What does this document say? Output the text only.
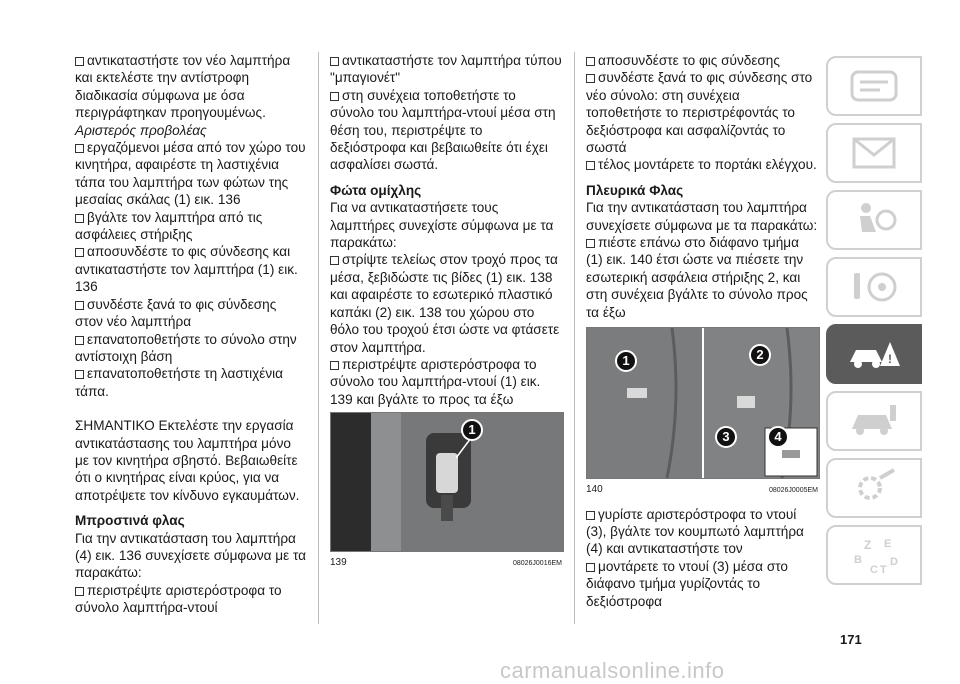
αντικαταστήστε τον νέο λαμπτήρα και εκτελέστε την αντίστροφη διαδικασία σύμφωνα με όσα περιγράφτηκαν προηγουμένως.

Αριστερός προβολέας

εργαζόμενοι μέσα από τον χώρο του κινητήρα, αφαιρέστε τη λαστιχένια τάπα του λαμπτήρα των φώτων της μεσαίας σκάλας (1) εικ. 136

βγάλτε τον λαμπτήρα από τις ασφάλειες στήριξης

αποσυνδέστε το φις σύνδεσης και αντικαταστήστε τον λαμπτήρα (1) εικ. 136

συνδέστε ξανά το φις σύνδεσης στον νέο λαμπτήρα

επανατοποθετήστε το σύνολο στην αντίστοιχη βάση

επανατοποθετήστε τη λαστιχένια τάπα.

ΣΗΜΑΝΤΙΚΟ Εκτελέστε την εργασία αντικατάστασης του λαμπτήρα μόνο με τον κινητήρα σβηστό. Βεβαιωθείτε ότι ο κινητήρας είναι κρύος, για να αποτρέψετε τον κίνδυνο εγκαυμάτων.

Μπροστινά φλας

Για την αντικατάσταση του λαμπτήρα (4) εικ. 136 συνεχίσετε σύμφωνα με τα παρακάτω:

περιστρέψτε αριστερόστροφα το σύνολο λαμπτήρα-ντουί

αντικαταστήστε τον λαμπτήρα τύπου "μπαγιονέτ"

στη συνέχεια τοποθετήστε το σύνολο του λαμπτήρα-ντουί μέσα στη θέση του, περιστρέψτε το δεξιόστροφα και βεβαιωθείτε ότι έχει ασφαλίσει σωστά.

Φώτα ομίχλης

Για να αντικαταστήσετε τους λαμπτήρες συνεχίστε σύμφωνα με τα παρακάτω:

στρίψτε τελείως στον τροχό προς τα μέσα, ξεβιδώστε τις βίδες (1) εικ. 138 και αφαιρέστε το εσωτερικό πλαστικό καπάκι (2) εικ. 138 του χώρου στο θόλο του τροχού έτσι ώστε να φτάσετε στον λαμπτήρα.

περιστρέψτε αριστερόστροφα το σύνολο του λαμπτήρα-ντουί (1) εικ. 139 και βγάλτε το προς τα έξω

1
139	08026J0016EM

αποσυνδέστε το φις σύνδεσης

συνδέστε ξανά το φις σύνδεσης στο νέο σύνολο: στη συνέχεια τοποθετήστε το περιστρέφοντάς το δεξιόστροφα και ασφαλίζοντάς το σωστά

τέλος μοντάρετε το πορτάκι ελέγχου.

Πλευρικά Φλας

Για την αντικατάσταση του λαμπτήρα συνεχίσετε σύμφωνα με τα παρακάτω:

πιέστε επάνω στο διάφανο τμήμα (1) εικ. 140 έτσι ώστε να πιέσετε την εσωτερική ασφάλεια στήριξης 2, και στη συνέχεια βγάλτε το σύνολο προς τα έξω

1	2
3	4
140	08026J0005EM

γυρίστε αριστερόστροφα το ντουί (3), βγάλτε τον κουμπωτό λαμπτήρα (4) και αντικαταστήστε τον

μοντάρετε το ντουί (3) μέσα στο διάφανο τμήμα γυρίζοντάς το δεξιόστροφα

!
Z E
B
C
D
T
171
carmanualsonline.info
